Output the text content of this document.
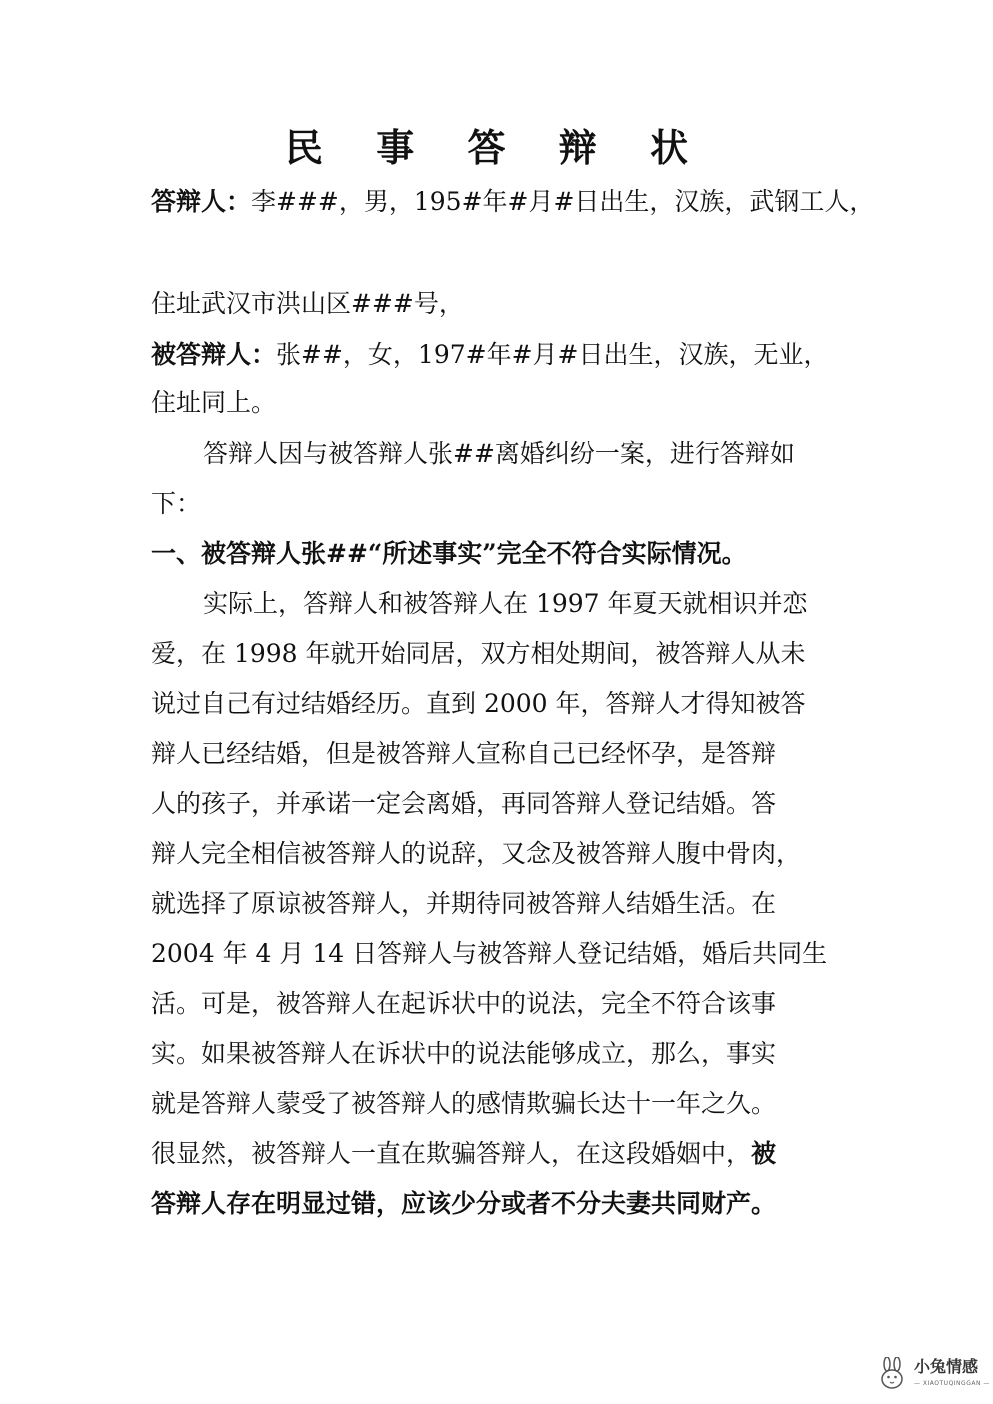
民 事 答 辩 状
答辩人：李###，男，195#年#月#日出生，汉族，武钢工人，
住址武汉市洪山区###号，
被答辩人：张##，女，197#年#月#日出生，汉族，无业，
住址同上。
答辩人因与被答辩人张##离婚纠纷一案，进行答辩如
下：
一、被答辩人张##“所述事实”完全不符合实际情况。
实际上，答辩人和被答辩人在 1997 年夏天就相识并恋
爱，在 1998 年就开始同居，双方相处期间，被答辩人从未
说过自己有过结婚经历。直到 2000 年，答辩人才得知被答
辩人已经结婚，但是被答辩人宣称自己已经怀孕，是答辩
人的孩子，并承诺一定会离婚，再同答辩人登记结婚。答
辩人完全相信被答辩人的说辞，又念及被答辩人腹中骨肉，
就选择了原谅被答辩人，并期待同被答辩人结婚生活。在
2004 年 4 月 14 日答辩人与被答辩人登记结婚，婚后共同生
活。可是，被答辩人在起诉状中的说法，完全不符合该事
实。如果被答辩人在诉状中的说法能够成立，那么，事实
就是答辩人蒙受了被答辩人的感情欺骗长达十一年之久。
很显然，被答辩人一直在欺骗答辩人，在这段婚姻中，被
答辩人存在明显过错，应该少分或者不分夫妻共同财产。
小兔情感
— XIAOTUQINGGAN —
